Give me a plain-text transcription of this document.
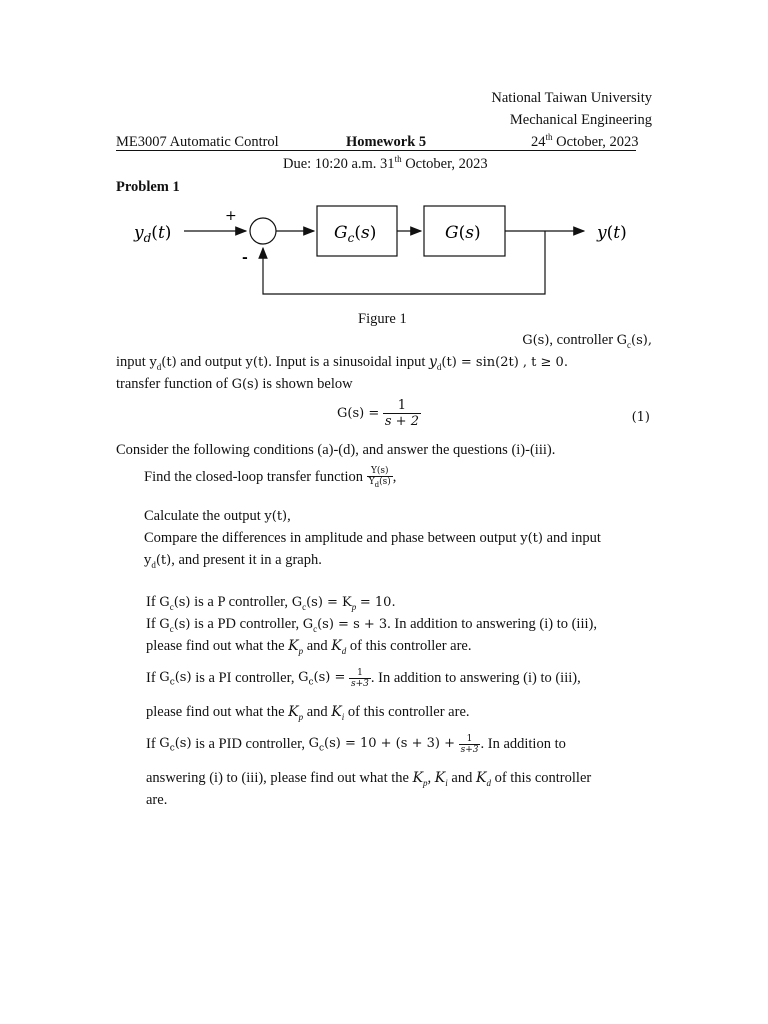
National Taiwan University
Mechanical Engineering
ME3007 Automatic Control	Homework 5	24th October, 2023
Due: 10:20 a.m. 31th October, 2023
Problem 1
$y_d(t)$
+
-
$G_c(s)$	G(s)	y(t)
Figure 1
G(s), controller $G_c(s)$,
input $y_d(t)$ and output y(t). Input is a sinusoidal input $y_d(t) = \sin(2t)$ , t ≥ 0.
transfer function of G(s) is shown below
$G(s) = \frac{1}{s + 2}$	(1)
Consider the following conditions (a)-(d), and answer the questions (i)-(iii).
Find the closed-loop transfer function $\frac{Y(s)}{Y_d(s)}$ ,
Calculate the output y(t),
Compare the differences in amplitude and phase between output y(t) and input
$y_d(t)$, and present it in a graph.
If $G_c(s)$ is a P controller, $G_c(s) = K_p = 10$.
If $G_c(s)$ is a PD controller, $G_c(s) = s + 3$. In addition to answering (i) to (iii),
please find out what the $K_p$ and $K_d$ of this controller are.
If $G_c(s)$ is a PI controller, $G_c(s) = \frac{1}{s+3}$ . In addition to answering (i) to (iii),
please find out what the $K_p$ and $K_i$ of this controller are.
If $G_c(s)$ is a PID controller, $G_c(s) = 10 + (s + 3) + \frac{1}{s+3}$ . In addition to
answering (i) to (iii), please find out what the $K_p$, $K_i$ and $K_d$ of this controller
are.
